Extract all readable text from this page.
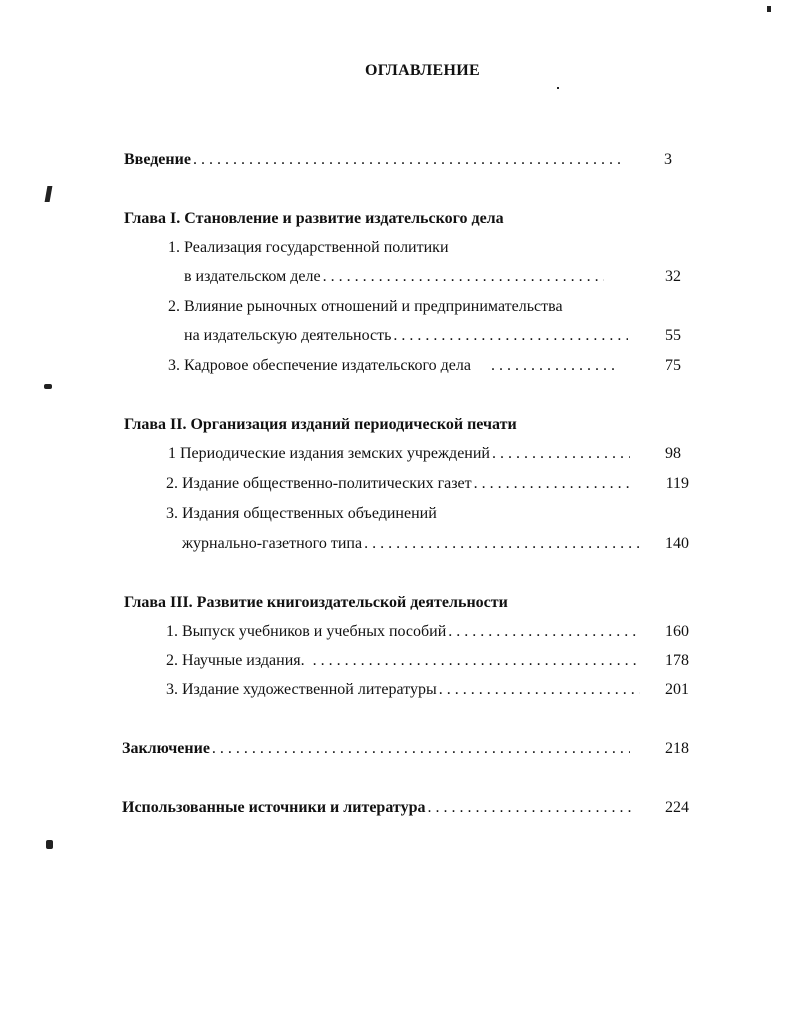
ОГЛАВЛЕНИЕ
Введение . . .	3
Глава I. Становление и развитие издательского дела
1. Реализация государственной политики
в издательском деле . . .	32
2. Влияние рыночных отношений и предпринимательства
на издательскую деятельность . . .	55
3. Кадровое обеспечение издательского дела . . .	75
Глава II. Организация изданий периодической печати
1 Периодические издания земских учреждений . . .	98
2. Издание общественно-политических газет . . .	119
3. Издания общественных объединений
журнально-газетного типа . . .	140
Глава III. Развитие книгоиздательской деятельности
1. Выпуск учебников и учебных пособий . . .	160
2. Научные издания. . . .	178
3. Издание художественной литературы . . .	201
Заключение . . .	218
Использованные источники и литература . . .	224
